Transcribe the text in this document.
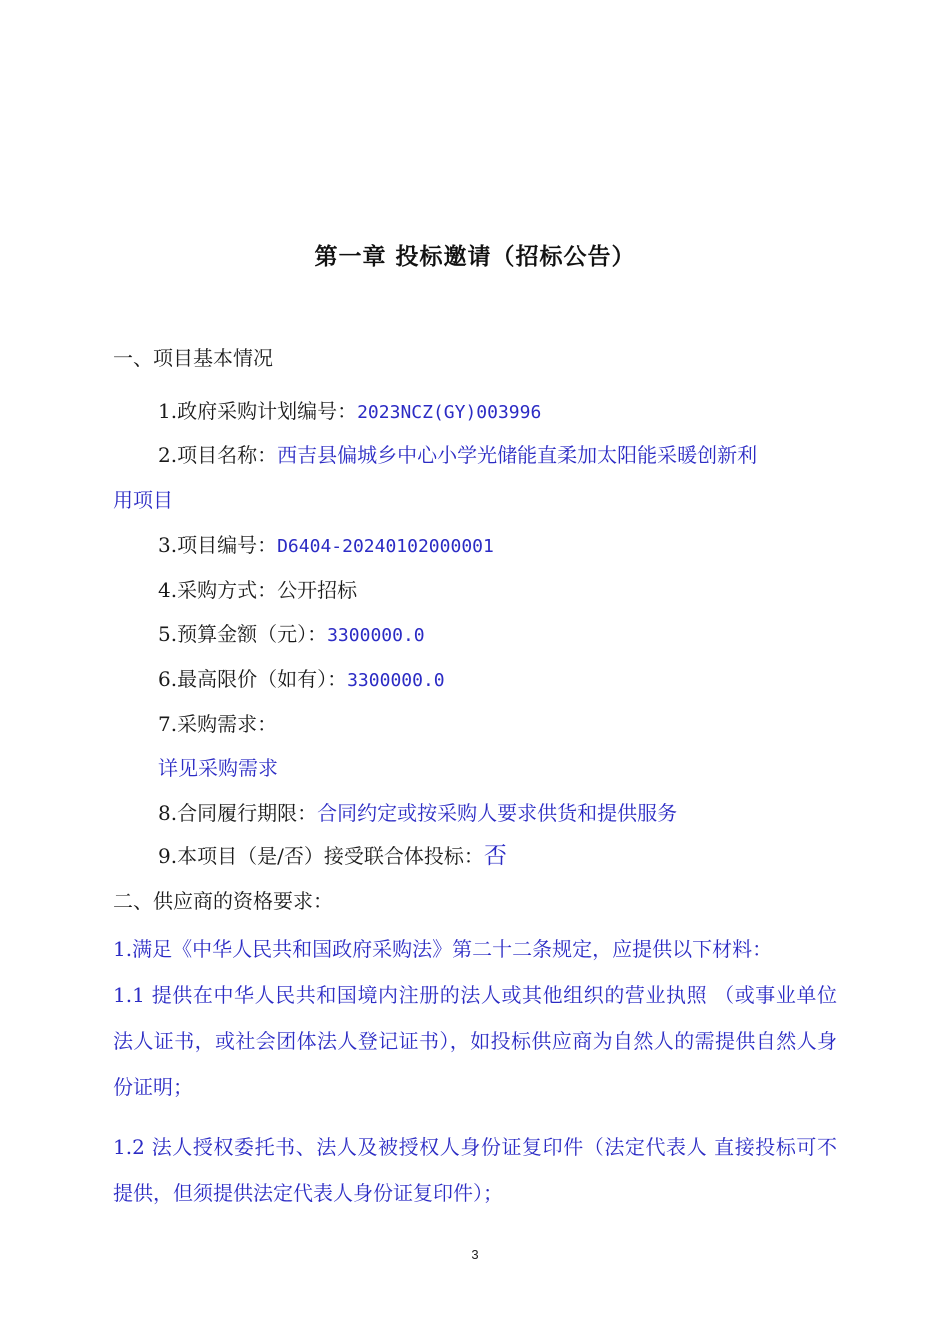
第一章 投标邀请（招标公告）
一、项目基本情况
1.政府采购计划编号：2023NCZ(GY)003996
2.项目名称：西吉县偏城乡中心小学光储能直柔加太阳能采暖创新利
用项目
3.项目编号：D6404-20240102000001
4.采购方式：公开招标
5.预算金额（元）：3300000.0
6.最高限价（如有）：3300000.0
7.采购需求：
详见采购需求
8.合同履行期限：合同约定或按采购人要求供货和提供服务
9.本项目（是/否）接受联合体投标：否
二、供应商的资格要求：
1.满足《中华人民共和国政府采购法》第二十二条规定，应提供以下材料：
1.1 提供在中华人民共和国境内注册的法人或其他组织的营业执照 （或事业单位法人证书，或社会团体法人登记证书），如投标供应商为自然人的需提供自然人身份证明；
1.2 法人授权委托书、法人及被授权人身份证复印件（法定代表人 直接投标可不提供，但须提供法定代表人身份证复印件）；
3
